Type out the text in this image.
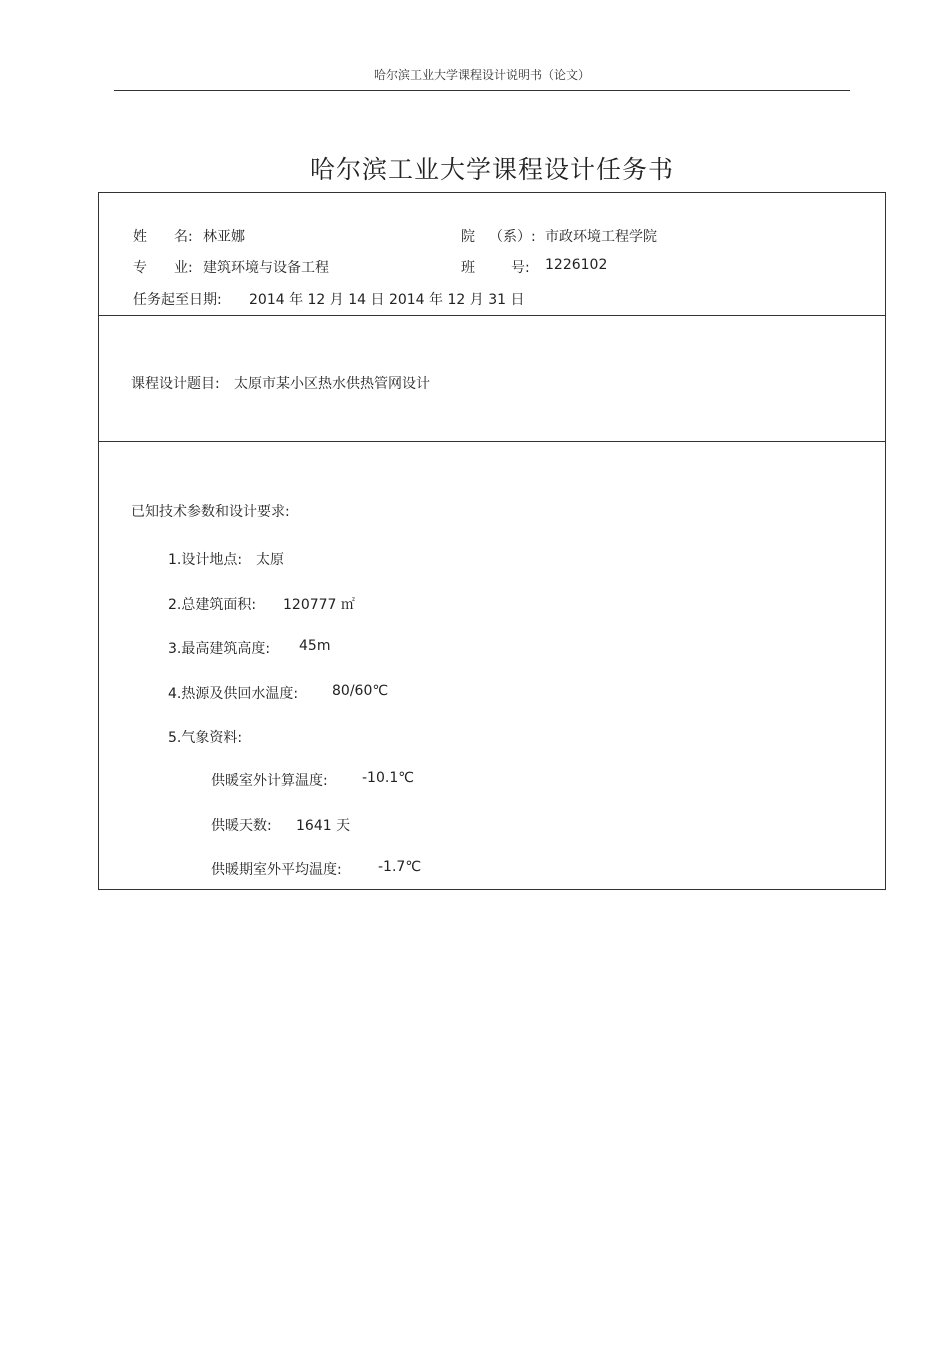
哈尔滨工业大学课程设计说明书（论文）
哈尔滨工业大学课程设计任务书
姓 名: 林亚娜	院 （系）: 市政环境工程学院
专 业: 建筑环境与设备工程	班	号: 1226102
任务起至日期: 2014 年 12 月 14 日 2014 年 12 月 31 日
课程设计题目: 太原市某小区热水供热管网设计
已知技术参数和设计要求:
1.设计地点: 太原
2.总建筑面积: 120777 ㎡
3.最高建筑高度: 45m
4.热源及供回水温度: 80/60℃
5.气象资料:
供暖室外计算温度: -10.1℃
供暖天数: 1641 天
供暖期室外平均温度:	-1.7℃
